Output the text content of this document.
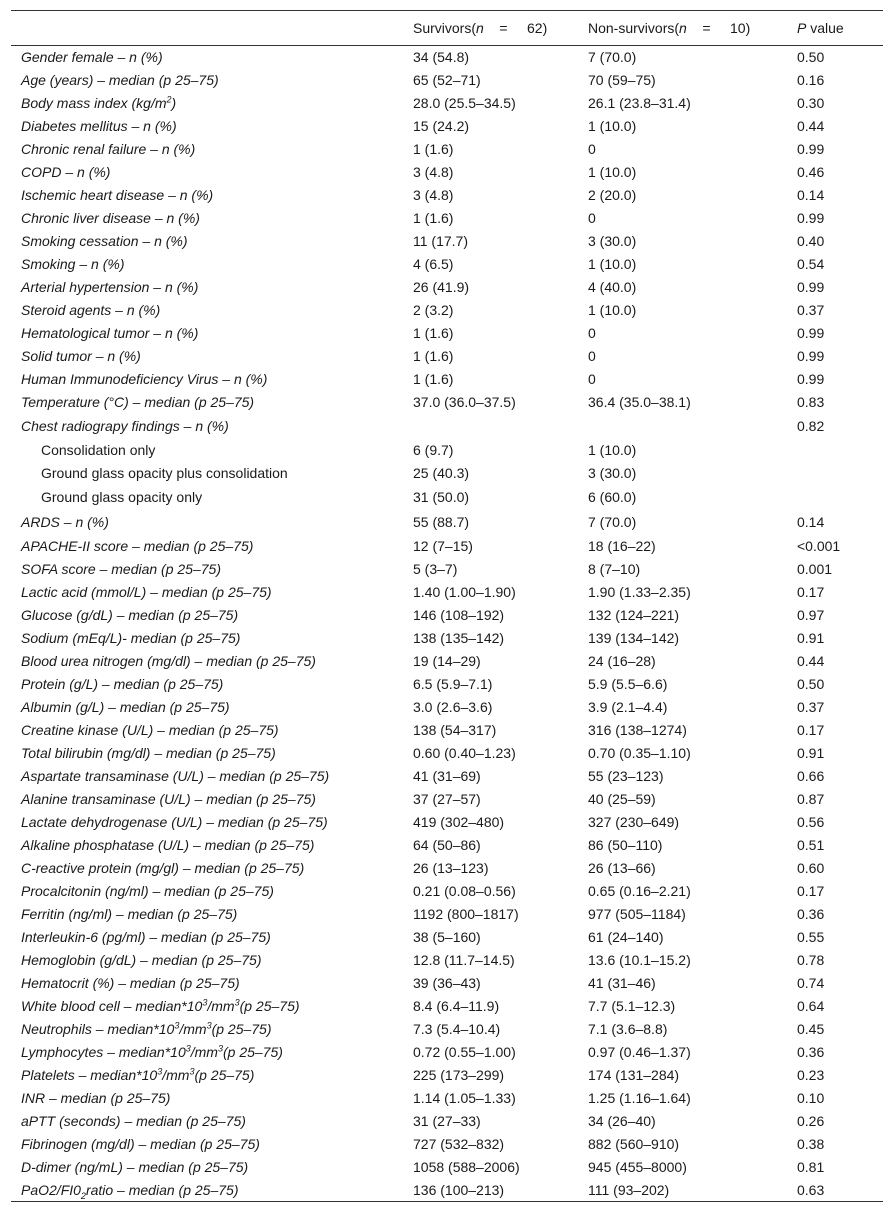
	Survivors(n    =     62)	Non-survivors(n    =     10)	P value
Gender female – n (%)	34 (54.8)	7 (70.0)	0.50
Age (years) – median (p 25–75)	65 (52–71)	70 (59–75)	0.16
Body mass index $(kg/m^2)$	28.0 (25.5–34.5)	26.1 (23.8–31.4)	0.30
Diabetes mellitus – n (%)	15 (24.2)	1 (10.0)	0.44
Chronic renal failure – n (%)	1 (1.6)	0	0.99
COPD – n (%)	3 (4.8)	1 (10.0)	0.46
Ischemic heart disease – n (%)	3 (4.8)	2 (20.0)	0.14
Chronic liver disease – n (%)	1 (1.6)	0	0.99
Smoking cessation – n (%)	11 (17.7)	3 (30.0)	0.40
Smoking – n (%)	4 (6.5)	1 (10.0)	0.54
Arterial hypertension – n (%)	26 (41.9)	4 (40.0)	0.99
Steroid agents – n (%)	2 (3.2)	1 (10.0)	0.37
Hematological tumor – n (%)	1 (1.6)	0	0.99
Solid tumor – n (%)	1 (1.6)	0	0.99
Human Immunodeficiency Virus – n (%)	1 (1.6)	0	0.99
Temperature (°C) – median (p 25–75)	37.0 (36.0–37.5)	36.4 (35.0–38.1)	0.83
Chest radiograpy findings – n (%)			0.82
Consolidation only	6 (9.7)	1 (10.0)	
Ground glass opacity plus consolidation	25 (40.3)	3 (30.0)	
Ground glass opacity only	31 (50.0)	6 (60.0)	
ARDS – n (%)	55 (88.7)	7 (70.0)	0.14
APACHE-II score – median (p 25–75)	12 (7–15)	18 (16–22)	<0.001
SOFA score – median (p 25–75)	5 (3–7)	8 (7–10)	0.001
Lactic acid (mmol/L) – median (p 25–75)	1.40 (1.00–1.90)	1.90 (1.33–2.35)	0.17
Glucose (g/dL) – median (p 25–75)	146 (108–192)	132 (124–221)	0.97
Sodium (mEq/L)- median (p 25–75)	138 (135–142)	139 (134–142)	0.91
Blood urea nitrogen (mg/dl) – median (p 25–75)	19 (14–29)	24 (16–28)	0.44
Protein (g/L) – median (p 25–75)	6.5 (5.9–7.1)	5.9 (5.5–6.6)	0.50
Albumin (g/L) – median (p 25–75)	3.0 (2.6–3.6)	3.9 (2.1–4.4)	0.37
Creatine kinase (U/L) – median (p 25–75)	138 (54–317)	316 (138–1274)	0.17
Total bilirubin (mg/dl) – median (p 25–75)	0.60 (0.40–1.23)	0.70 (0.35–1.10)	0.91
Aspartate transaminase (U/L) – median (p 25–75)	41 (31–69)	55 (23–123)	0.66
Alanine transaminase (U/L) – median (p 25–75)	37 (27–57)	40 (25–59)	0.87
Lactate dehydrogenase (U/L) – median (p 25–75)	419 (302–480)	327 (230–649)	0.56
Alkaline phosphatase (U/L) – median (p 25–75)	64 (50–86)	86 (50–110)	0.51
C-reactive protein (mg/gl) – median (p 25–75)	26 (13–123)	26 (13–66)	0.60
Procalcitonin (ng/ml) – median (p 25–75)	0.21 (0.08–0.56)	0.65 (0.16–2.21)	0.17
Ferritin (ng/ml) – median (p 25–75)	1192 (800–1817)	977 (505–1184)	0.36
Interleukin-6 (pg/ml) – median (p 25–75)	38 (5–160)	61 (24–140)	0.55
Hemoglobin (g/dL) – median (p 25–75)	12.8 (11.7–14.5)	13.6 (10.1–15.2)	0.78
Hematocrit (%) – median (p 25–75)	39 (36–43)	41 (31–46)	0.74
White blood cell – $median*10^3/mm^3(p$ 25–75)	8.4 (6.4–11.9)	7.7 (5.1–12.3)	0.64
Neutrophils – $median*10^3/mm^3(p$ 25–75)	7.3 (5.4–10.4)	7.1 (3.6–8.8)	0.45
Lymphocytes – $median*10^3/mm^3(p$ 25–75)	0.72 (0.55–1.00)	0.97 (0.46–1.37)	0.36
Platelets – $median*10^3/mm^3(p$ 25–75)	225 (173–299)	174 (131–284)	0.23
INR – median (p 25–75)	1.14 (1.05–1.33)	1.25 (1.16–1.64)	0.10
aPTT (seconds) – median (p 25–75)	31 (27–33)	34 (26–40)	0.26
Fibrinogen (mg/dl) – median (p 25–75)	727 (532–832)	882 (560–910)	0.38
D-dimer (ng/mL) – median (p 25–75)	1058 (588–2006)	945 (455–8000)	0.81
$PaO2/FI0_2ratio$ – median (p 25–75)	136 (100–213)	111 (93–202)	0.63
